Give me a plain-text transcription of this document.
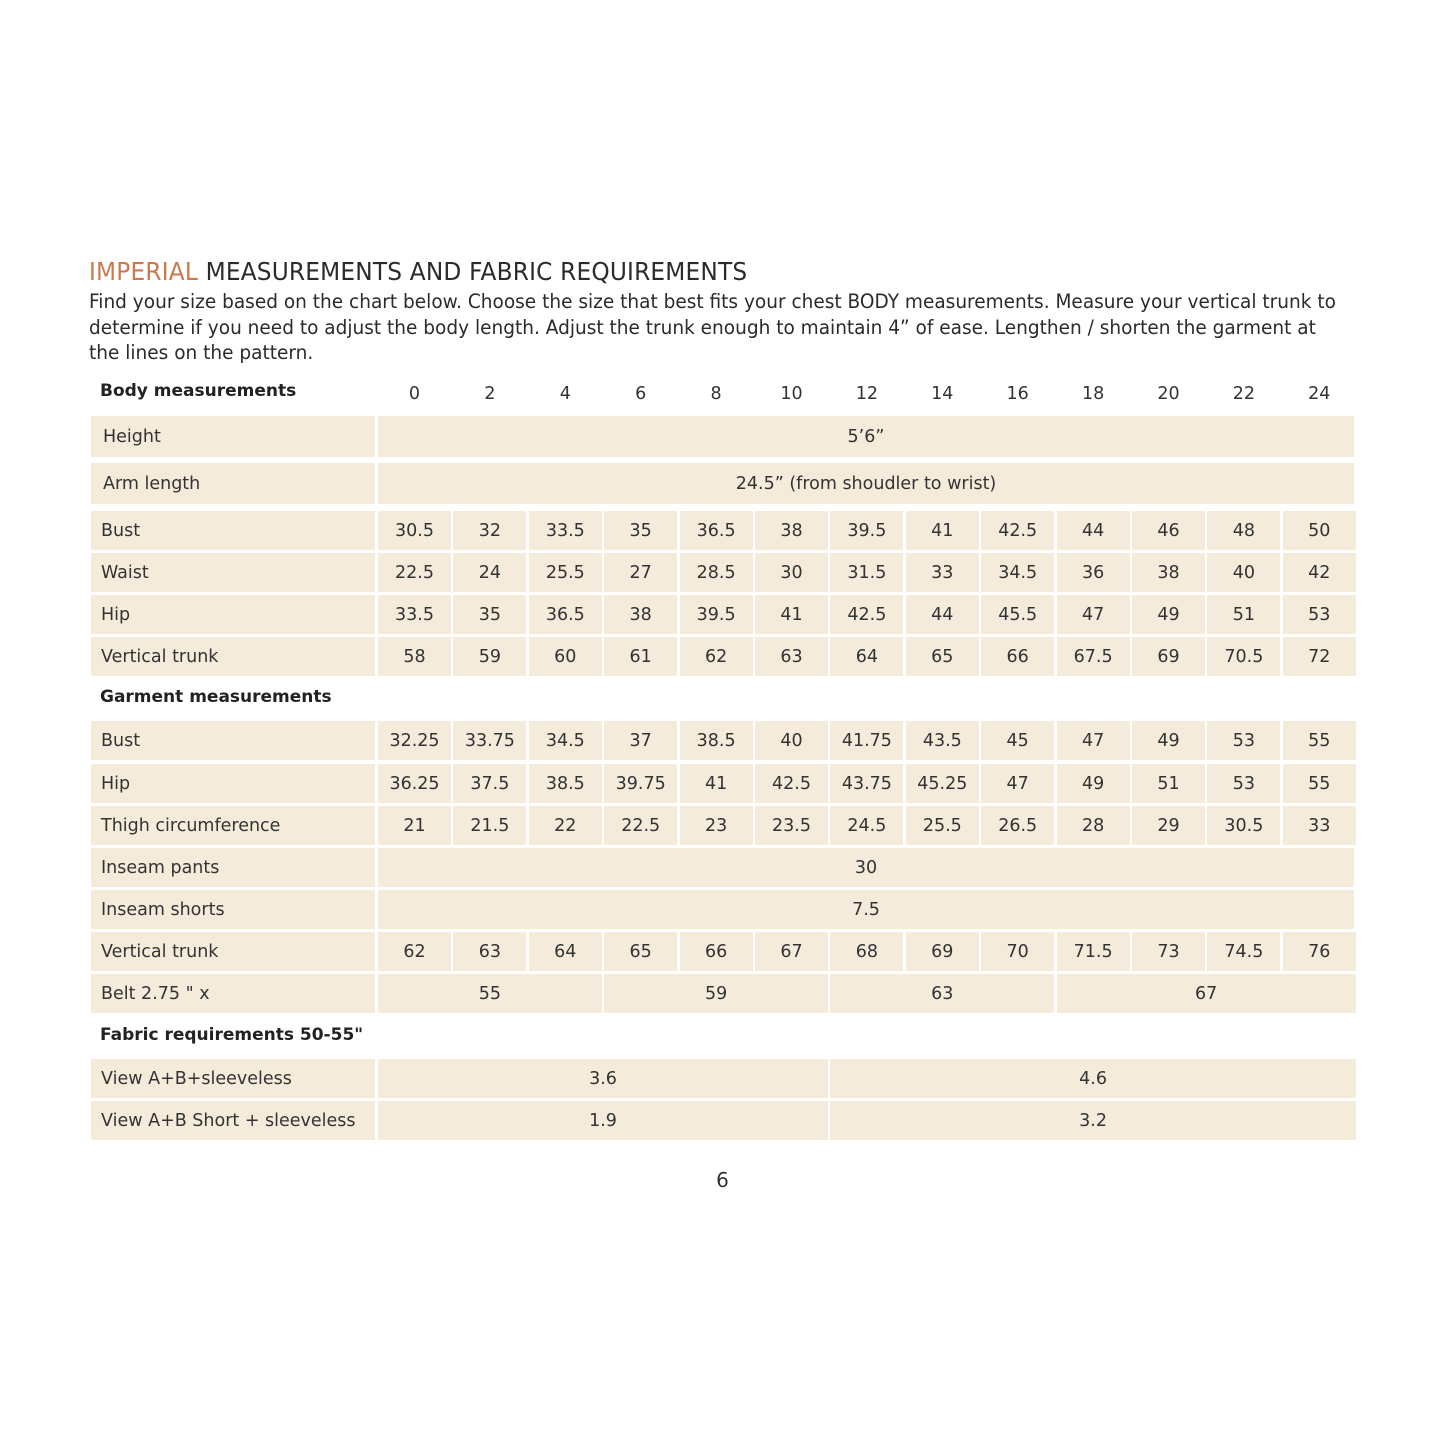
IMPERIAL MEASUREMENTS AND FABRIC REQUIREMENTS
Find your size based on the chart below. Choose the size that best fits your chest BODY measurements. Measure your vertical trunk to
determine if you need to adjust the body length. Adjust the trunk enough to maintain 4” of ease. Lengthen / shorten the garment at
the lines on the pattern.
Body measurements	0	2	4	6	8	10	12	14	16	18	20	22	24
Height	5’6”
Arm length	24.5” (from shoudler to wrist)
Bust	30.5	32	33.5	35	36.5	38	39.5	41	42.5	44	46	48	50
Waist	22.5	24	25.5	27	28.5	30	31.5	33	34.5	36	38	40	42
Hip	33.5	35	36.5	38	39.5	41	42.5	44	45.5	47	49	51	53
Vertical trunk	58	59	60	61	62	63	64	65	66	67.5	69	70.5	72
Garment measurements
Bust	32.25	33.75	34.5	37	38.5	40	41.75	43.5	45	47	49	53	55
Hip	36.25	37.5	38.5	39.75	41	42.5	43.75	45.25	47	49	51	53	55
Thigh circumference	21	21.5	22	22.5	23	23.5	24.5	25.5	26.5	28	29	30.5	33
Inseam pants	30
Inseam shorts	7.5
Vertical trunk	62	63	64	65	66	67	68	69	70	71.5	73	74.5	76
Belt 2.75 " x	55	59	63	67
Fabric requirements 50-55"
View A+B+sleeveless	3.6	4.6
View A+B Short + sleeveless	1.9	3.2
6
